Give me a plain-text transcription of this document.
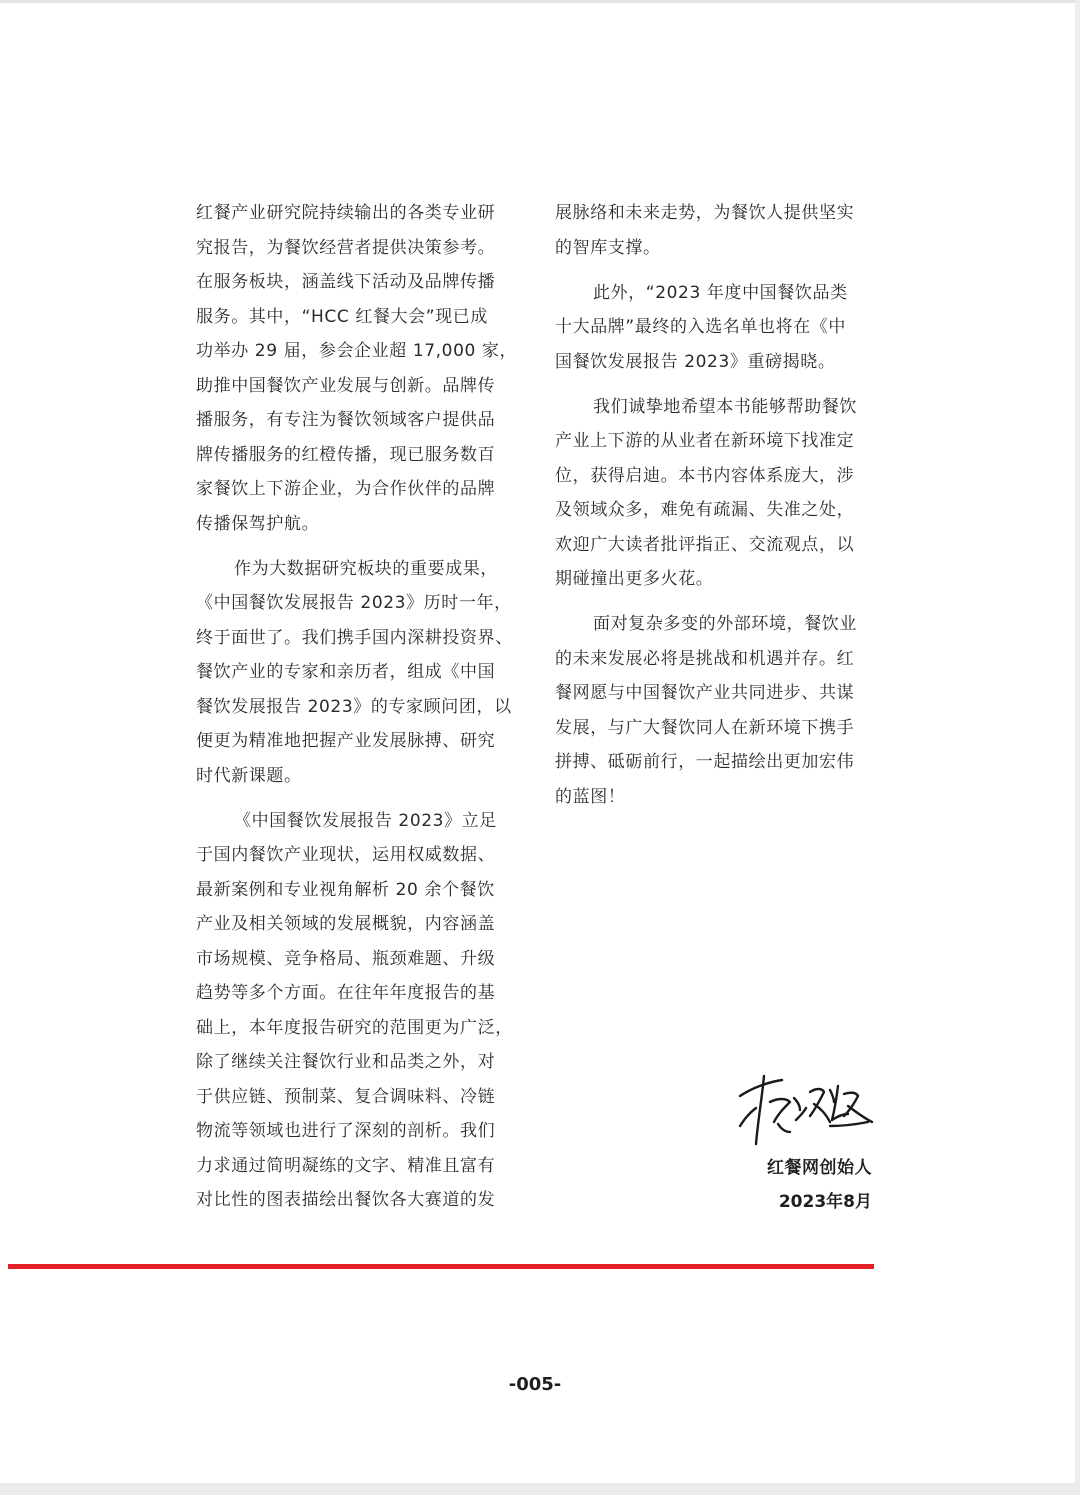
红餐产业研究院持续输出的各类专业研
究报告，为餐饮经营者提供决策参考。
在服务板块，涵盖线下活动及品牌传播
服务。其中，“HCC 红餐大会”现已成
功举办 29 届，参会企业超 17,000 家，
助推中国餐饮产业发展与创新。品牌传
播服务，有专注为餐饮领域客户提供品
牌传播服务的红橙传播，现已服务数百
家餐饮上下游企业，为合作伙伴的品牌
传播保驾护航。
作为大数据研究板块的重要成果，
《中国餐饮发展报告 2023》历时一年，
终于面世了。我们携手国内深耕投资界、
餐饮产业的专家和亲历者，组成《中国
餐饮发展报告 2023》的专家顾问团，以
便更为精准地把握产业发展脉搏、研究
时代新课题。
《中国餐饮发展报告 2023》立足
于国内餐饮产业现状，运用权威数据、
最新案例和专业视角解析 20 余个餐饮
产业及相关领域的发展概貌，内容涵盖
市场规模、竞争格局、瓶颈难题、升级
趋势等多个方面。在往年年度报告的基
础上，本年度报告研究的范围更为广泛，
除了继续关注餐饮行业和品类之外，对
于供应链、预制菜、复合调味料、冷链
物流等领域也进行了深刻的剖析。我们
力求通过简明凝练的文字、精准且富有
对比性的图表描绘出餐饮各大赛道的发
展脉络和未来走势，为餐饮人提供坚实
的智库支撑。
此外，“2023 年度中国餐饮品类
十大品牌”最终的入选名单也将在《中
国餐饮发展报告 2023》重磅揭晓。
我们诚挚地希望本书能够帮助餐饮
产业上下游的从业者在新环境下找准定
位，获得启迪。本书内容体系庞大，涉
及领域众多，难免有疏漏、失准之处，
欢迎广大读者批评指正、交流观点，以
期碰撞出更多火花。
面对复杂多变的外部环境，餐饮业
的未来发展必将是挑战和机遇并存。红
餐网愿与中国餐饮产业共同进步、共谋
发展，与广大餐饮同人在新环境下携手
拼搏、砥砺前行，一起描绘出更加宏伟
的蓝图！
红餐网创始人
2023年8月
-005-
